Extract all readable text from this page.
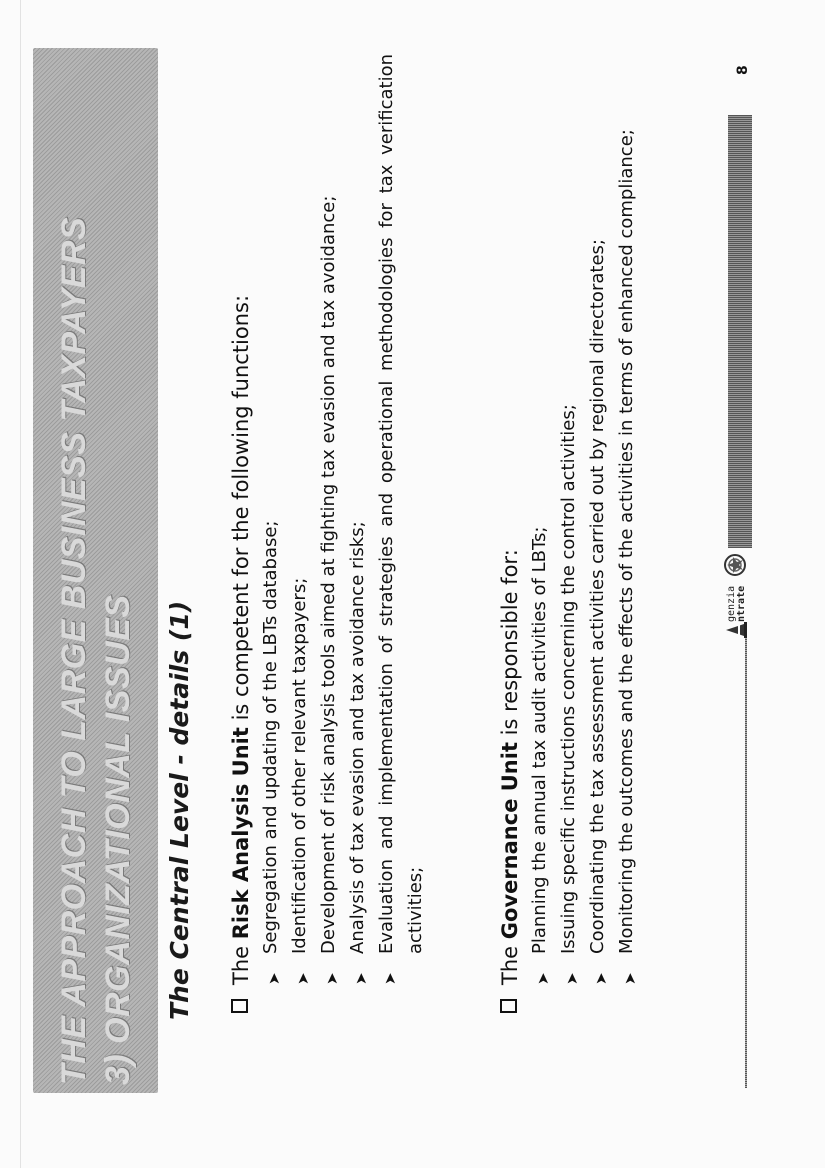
THE APPROACH TO LARGE BUSINESS TAXPAYERS 3) ORGANIZATIONAL ISSUES The Central Level - details (1) The Risk Analysis Unit is competent for the following functions:
➤
Segregation and updating of the LBTs database;
➤
Identification of other relevant taxpayers;
➤
Development of risk analysis tools aimed at fighting tax evasion and tax avoidance;
➤
Analysis of tax evasion and tax avoidance risks;
➤
Evaluation and implementation of strategies and operational methodologies for tax verification activities;
The Governance Unit is responsible for:
➤
Planning the annual tax audit activities of LBTs;
➤
Issuing specific instructions concerning the control activities;
➤
Coordinating the tax assessment activities carried out by regional directorates;
➤
Monitoring the outcomes and the effects of the activities in terms of enhanced compliance;	genzia ntrate
8
